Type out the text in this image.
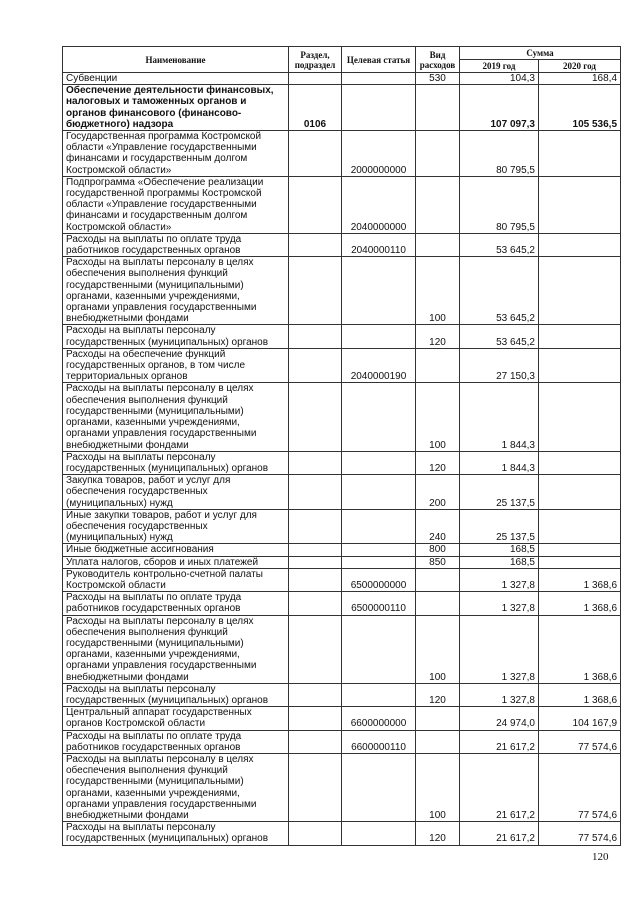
Наименование	Раздел, подраздел	Целевая статья	Вид расходов	Сумма	
				2019 год	2020 год
Субвенции			530	104,3	168,4
Обеспечение деятельности финансовых, налоговых и таможенных органов и органов финансового (финансово-бюджетного) надзора	0106			107 097,3	105 536,5
Государственная программа Костромской области «Управление государственными финансами и государственным долгом Костромской области»		2000000000		80 795,5	
Подпрограмма «Обеспечение реализации государственной программы Костромской области «Управление государственными финансами и государственным долгом Костромской области»		2040000000		80 795,5	
Расходы на выплаты по оплате труда работников государственных органов		2040000110		53 645,2	
Расходы на выплаты персоналу в целях обеспечения выполнения функций государственными (муниципальными) органами, казенными учреждениями, органами управления государственными внебюджетными фондами			100	53 645,2	
Расходы на выплаты персоналу государственных (муниципальных) органов			120	53 645,2	
Расходы на обеспечение функций государственных органов, в том числе территориальных органов		2040000190		27 150,3	
Расходы на выплаты персоналу в целях обеспечения выполнения функций государственными (муниципальными) органами, казенными учреждениями, органами управления государственными внебюджетными фондами			100	1 844,3	
Расходы на выплаты персоналу государственных (муниципальных) органов			120	1 844,3	
Закупка товаров, работ и услуг для обеспечения государственных (муниципальных) нужд			200	25 137,5	
Иные закупки товаров, работ и услуг для обеспечения государственных (муниципальных) нужд			240	25 137,5	
Иные бюджетные ассигнования			800	168,5	
Уплата налогов, сборов и иных платежей			850	168,5	
Руководитель контрольно-счетной палаты Костромской области		6500000000		1 327,8	1 368,6
Расходы на выплаты по оплате труда работников государственных органов		6500000110		1 327,8	1 368,6
Расходы на выплаты персоналу в целях обеспечения выполнения функций государственными (муниципальными) органами, казенными учреждениями, органами управления государственными внебюджетными фондами			100	1 327,8	1 368,6
Расходы на выплаты персоналу государственных (муниципальных) органов			120	1 327,8	1 368,6
Центральный аппарат государственных органов Костромской области		6600000000		24 974,0	104 167,9
Расходы на выплаты по оплате труда работников государственных органов		6600000110		21 617,2	77 574,6
Расходы на выплаты персоналу в целях обеспечения выполнения функций государственными (муниципальными) органами, казенными учреждениями, органами управления государственными внебюджетными фондами			100	21 617,2	77 574,6
Расходы на выплаты персоналу государственных (муниципальных) органов			120	21 617,2	77 574,6
120
